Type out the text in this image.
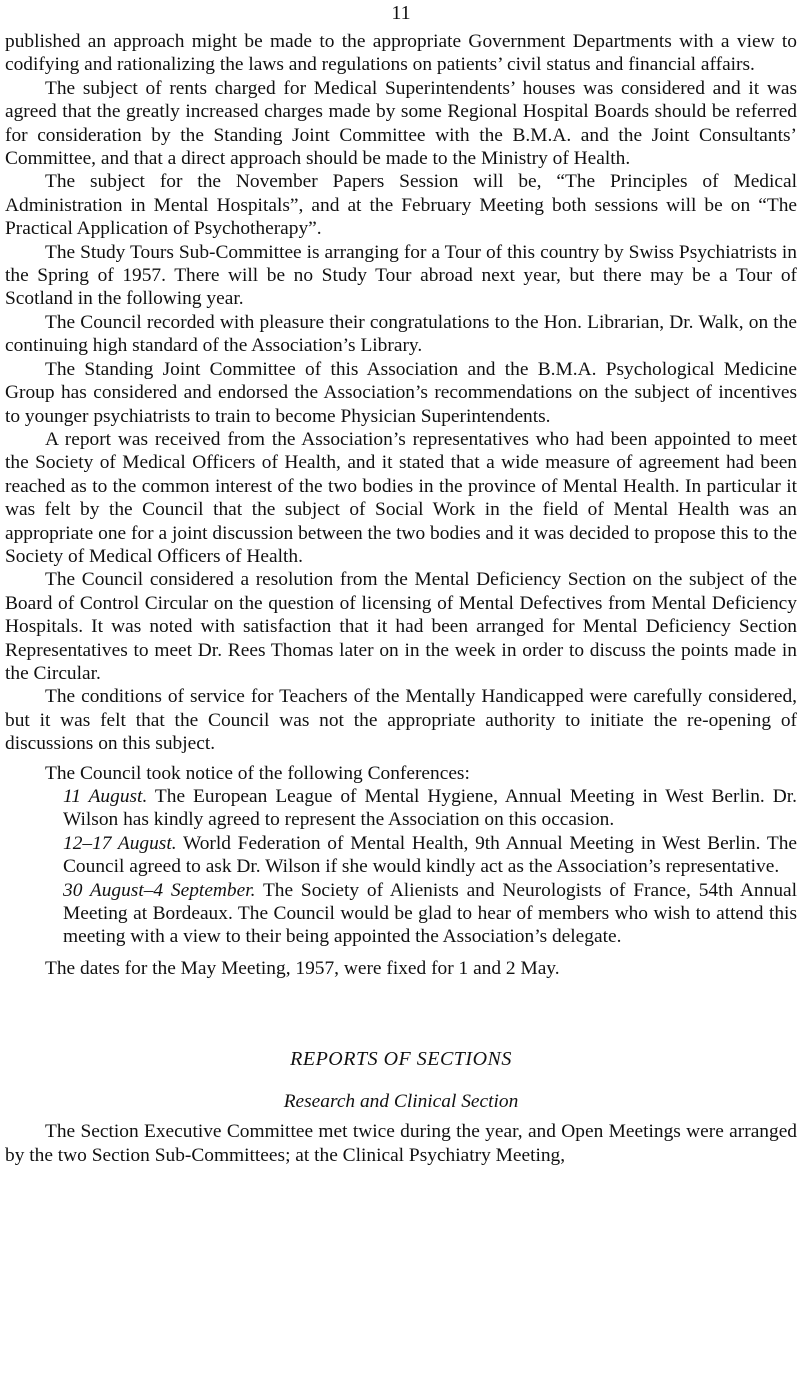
11

published an approach might be made to the appropriate Government Departments with a view to codifying and rationalizing the laws and regulations on patients’ civil status and financial affairs.

The subject of rents charged for Medical Superintendents’ houses was considered and it was agreed that the greatly increased charges made by some Regional Hospital Boards should be referred for consideration by the Standing Joint Committee with the B.M.A. and the Joint Consultants’ Committee, and that a direct approach should be made to the Ministry of Health.

The subject for the November Papers Session will be, “The Principles of Medical Administration in Mental Hospitals”, and at the February Meeting both sessions will be on “The Practical Application of Psychotherapy”.

The Study Tours Sub-Committee is arranging for a Tour of this country by Swiss Psychiatrists in the Spring of 1957. There will be no Study Tour abroad next year, but there may be a Tour of Scotland in the following year.

The Council recorded with pleasure their congratulations to the Hon. Librarian, Dr. Walk, on the continuing high standard of the Association’s Library.

The Standing Joint Committee of this Association and the B.M.A. Psychological Medicine Group has considered and endorsed the Association’s recommendations on the subject of incentives to younger psychiatrists to train to become Physician Superintendents.

A report was received from the Association’s representatives who had been appointed to meet the Society of Medical Officers of Health, and it stated that a wide measure of agreement had been reached as to the common interest of the two bodies in the province of Mental Health. In particular it was felt by the Council that the subject of Social Work in the field of Mental Health was an appropriate one for a joint discussion between the two bodies and it was decided to propose this to the Society of Medical Officers of Health.

The Council considered a resolution from the Mental Deficiency Section on the subject of the Board of Control Circular on the question of licensing of Mental Defectives from Mental Deficiency Hospitals. It was noted with satisfaction that it had been arranged for Mental Deficiency Section Representatives to meet Dr. Rees Thomas later on in the week in order to discuss the points made in the Circular.

The conditions of service for Teachers of the Mentally Handicapped were carefully considered, but it was felt that the Council was not the appropriate authority to initiate the re-opening of discussions on this subject.

The Council took notice of the following Conferences:

11 August. The European League of Mental Hygiene, Annual Meeting in West Berlin. Dr. Wilson has kindly agreed to represent the Association on this occasion.

12–17 August. World Federation of Mental Health, 9th Annual Meeting in West Berlin. The Council agreed to ask Dr. Wilson if she would kindly act as the Association’s representative.

30 August–4 September. The Society of Alienists and Neurologists of France, 54th Annual Meeting at Bordeaux. The Council would be glad to hear of members who wish to attend this meeting with a view to their being appointed the Association’s delegate.

The dates for the May Meeting, 1957, were fixed for 1 and 2 May.

REPORTS OF SECTIONS
Research and Clinical Section

The Section Executive Committee met twice during the year, and Open Meetings were arranged by the two Section Sub-Committees; at the Clinical Psychiatry Meeting,
